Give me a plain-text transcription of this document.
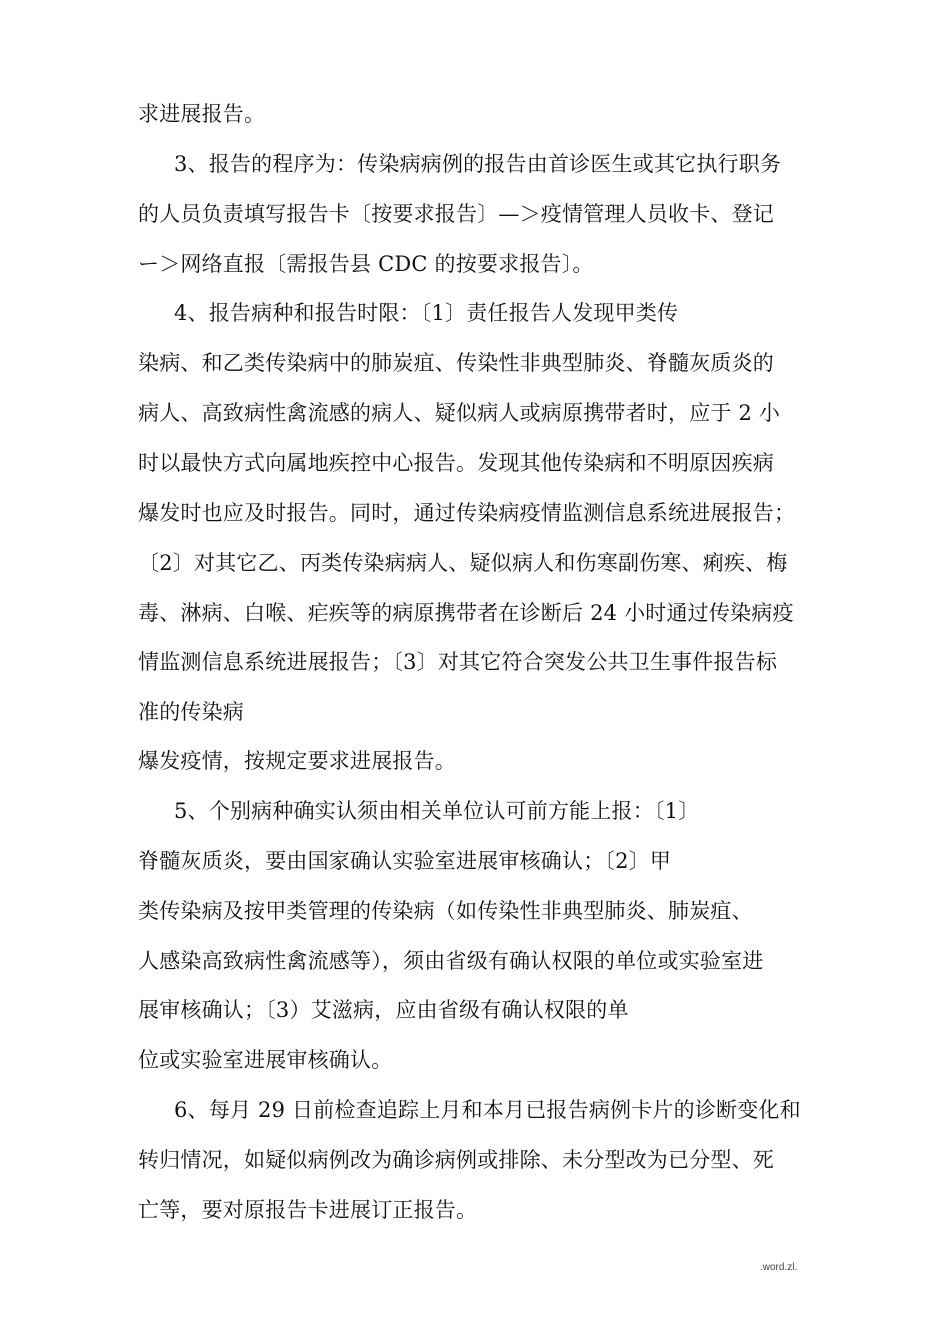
求进展报告。
3、报告的程序为：传染病病例的报告由首诊医生或其它执行职务
的人员负责填写报告卡〔按要求报告〕—＞疫情管理人员收卡、登记
ー＞网络直报〔需报告县 CDC 的按要求报告〕。
4、报告病种和报告时限：〔1〕责任报告人发现甲类传
染病、和乙类传染病中的肺炭疽、传染性非典型肺炎、脊髓灰质炎的
病人、高致病性禽流感的病人、疑似病人或病原携带者时，应于 2 小
时以最快方式向属地疾控中心报告。发现其他传染病和不明原因疾病
爆发时也应及时报告。同时，通过传染病疫情监测信息系统进展报告；
〔2〕对其它乙、丙类传染病病人、疑似病人和伤寒副伤寒、痢疾、梅
毒、淋病、白喉、疟疾等的病原携带者在诊断后 24 小时通过传染病疫
情监测信息系统进展报告；〔3〕对其它符合突发公共卫生事件报告标
准的传染病
爆发疫情，按规定要求进展报告。
5、个别病种确实认须由相关单位认可前方能上报：〔1〕
脊髓灰质炎，要由国家确认实验室进展审核确认；〔2〕甲
类传染病及按甲类管理的传染病（如传染性非典型肺炎、肺炭疽、
人感染高致病性禽流感等），须由省级有确认权限的单位或实验室进
展审核确认；〔3）艾滋病，应由省级有确认权限的单
位或实验室进展审核确认。
6、每月 29 日前检查追踪上月和本月已报告病例卡片的诊断变化和
转归情况，如疑似病例改为确诊病例或排除、未分型改为已分型、死
亡等，要对原报告卡进展订正报告。
.word.zl.
